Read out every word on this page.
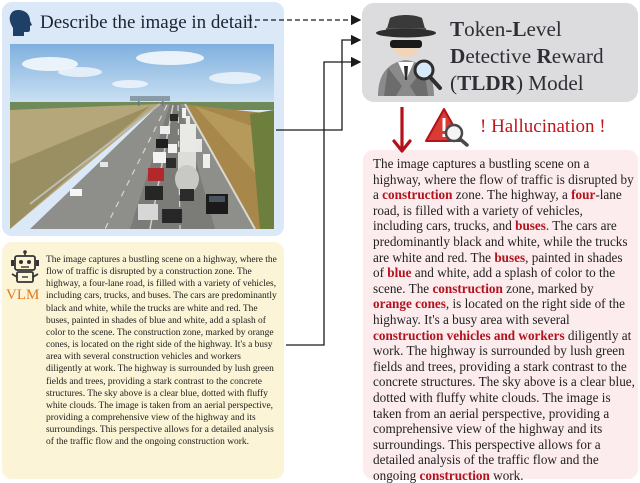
Describe the image in detail.
VLM

The image captures a bustling scene on a highway, where the flow of traffic is disrupted by a construction zone. The highway, a four-lane road, is filled with a variety of vehicles, including cars, trucks, and buses. The cars are predominantly black and white, while the trucks are white and red. The buses, painted in shades of blue and white, add a splash of color to the scene. The construction zone, marked by orange cones, is located on the right side of the highway. It's a busy area with several construction vehicles and workers diligently at work. The highway is surrounded by lush green fields and trees, providing a stark contrast to the concrete structures. The sky above is a clear blue, dotted with fluffy white clouds. The image is taken from an aerial perspective, providing a comprehensive view of the highway and its surroundings. This perspective allows for a detailed analysis of the traffic flow and the ongoing construction work.

Token-Level
Detective Reward
(TLDR) Model
! Hallucination !

The image captures a bustling scene on a highway, where the flow of traffic is disrupted by a construction zone. The highway, a four-lane road, is filled with a variety of vehicles, including cars, trucks, and buses. The cars are predominantly black and white, while the trucks are white and red. The buses, painted in shades of blue and white, add a splash of color to the scene. The construction zone, marked by orange cones, is located on the right side of the highway. It's a busy area with several construction vehicles and workers diligently at work. The highway is surrounded by lush green fields and trees, providing a stark contrast to the concrete structures. The sky above is a clear blue, dotted with fluffy white clouds. The image is taken from an aerial perspective, providing a comprehensive view of the highway and its surroundings. This perspective allows for a detailed analysis of the traffic flow and the ongoing construction work.
